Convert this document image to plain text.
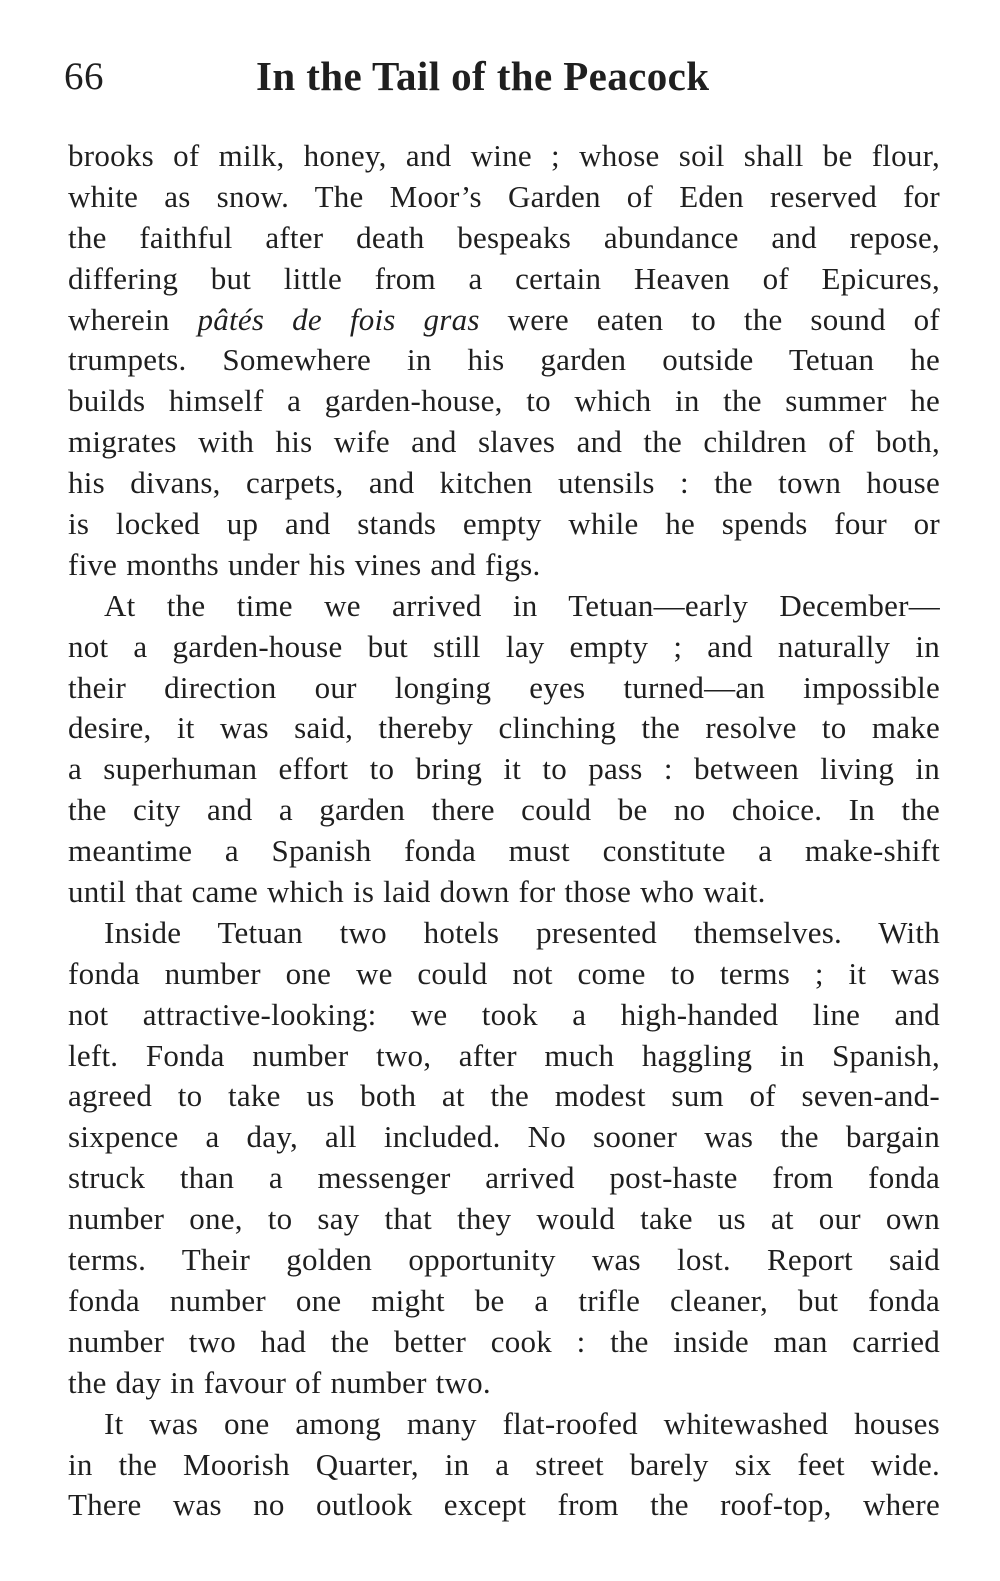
66	In the Tail of the Peacock
brooks of milk, honey, and wine ; whose soil shall be flour,
white as snow. The Moor’s Garden of Eden reserved for
the faithful after death bespeaks abundance and repose,
differing but little from a certain Heaven of Epicures,
wherein pâtés de fois gras were eaten to the sound of
trumpets. Somewhere in his garden outside Tetuan he
builds himself a garden-house, to which in the summer he
migrates with his wife and slaves and the children of both,
his divans, carpets, and kitchen utensils : the town house
is locked up and stands empty while he spends four or
five months under his vines and figs.
At the time we arrived in Tetuan—early December—
not a garden-house but still lay empty ; and naturally in
their direction our longing eyes turned—an impossible
desire, it was said, thereby clinching the resolve to make
a superhuman effort to bring it to pass : between living in
the city and a garden there could be no choice. In the
meantime a Spanish fonda must constitute a make-shift
until that came which is laid down for those who wait.
Inside Tetuan two hotels presented themselves. With
fonda number one we could not come to terms ; it was
not attractive-looking: we took a high-handed line and
left. Fonda number two, after much haggling in Spanish,
agreed to take us both at the modest sum of seven-and-
sixpence a day, all included. No sooner was the bargain
struck than a messenger arrived post-haste from fonda
number one, to say that they would take us at our own
terms. Their golden opportunity was lost. Report said
fonda number one might be a trifle cleaner, but fonda
number two had the better cook : the inside man carried
the day in favour of number two.
It was one among many flat-roofed whitewashed houses
in the Moorish Quarter, in a street barely six feet wide.
There was no outlook except from the roof-top, where
